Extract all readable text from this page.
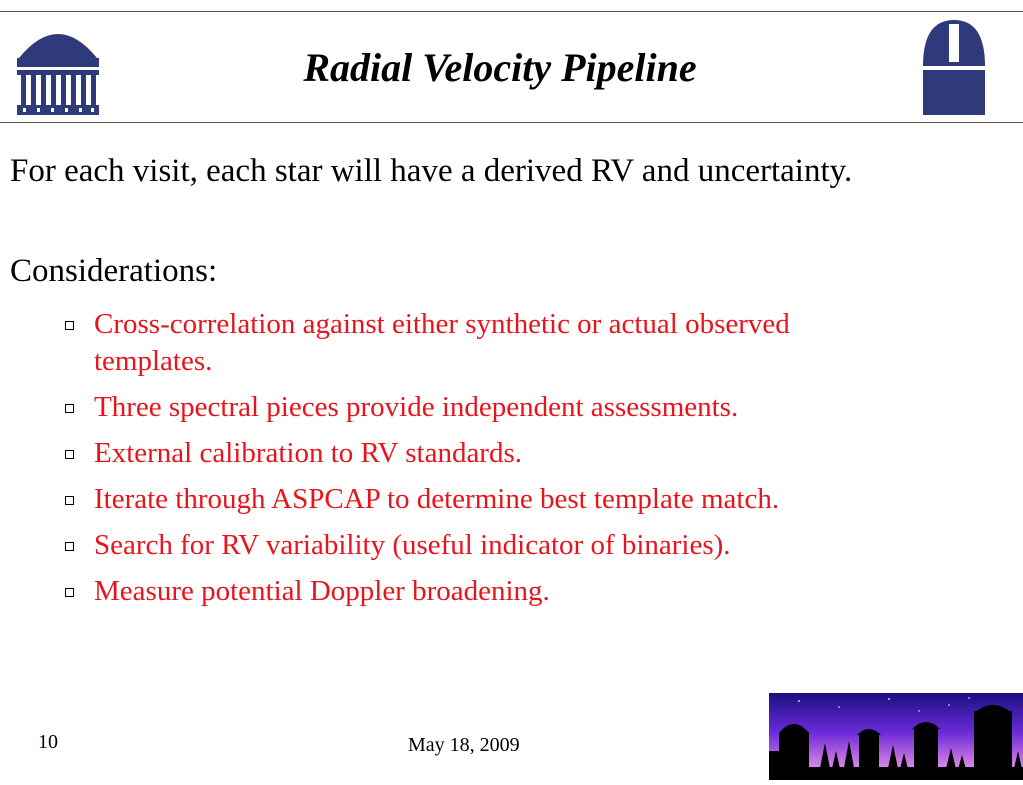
Radial Velocity Pipeline
For each visit, each star will have a derived RV and uncertainty.
Considerations:
Cross-correlation against either synthetic or actual observed templates.
Three spectral pieces provide independent assessments.
External calibration to RV standards.
Iterate through ASPCAP to determine best template match.
Search for RV variability (useful indicator of binaries).
Measure potential Doppler broadening.
10	May 18, 2009
